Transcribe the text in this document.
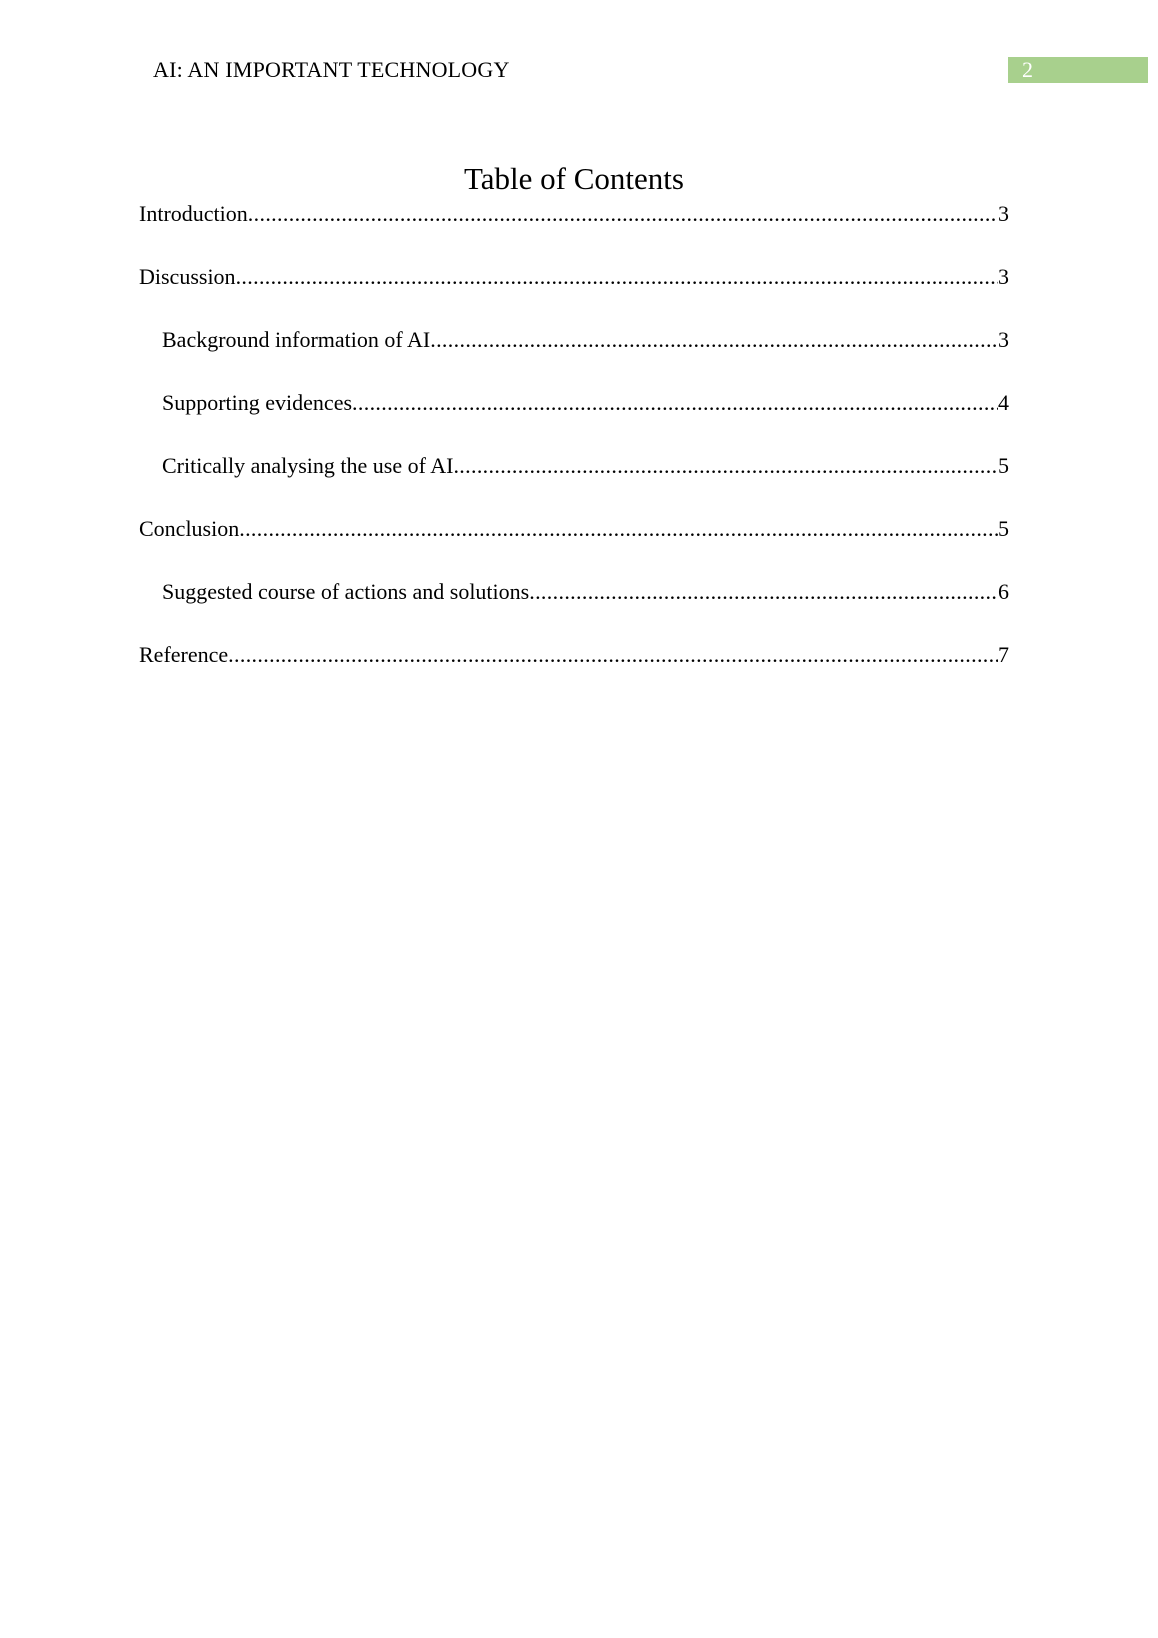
AI: AN IMPORTANT TECHNOLOGY	2
Table of Contents
Introduction .....	3
Discussion .....	3
Background information of AI .....	3
Supporting evidences .....	4
Critically analysing the use of AI .....	5
Conclusion .....	5
Suggested course of actions and solutions .....	6
Reference .....	7
